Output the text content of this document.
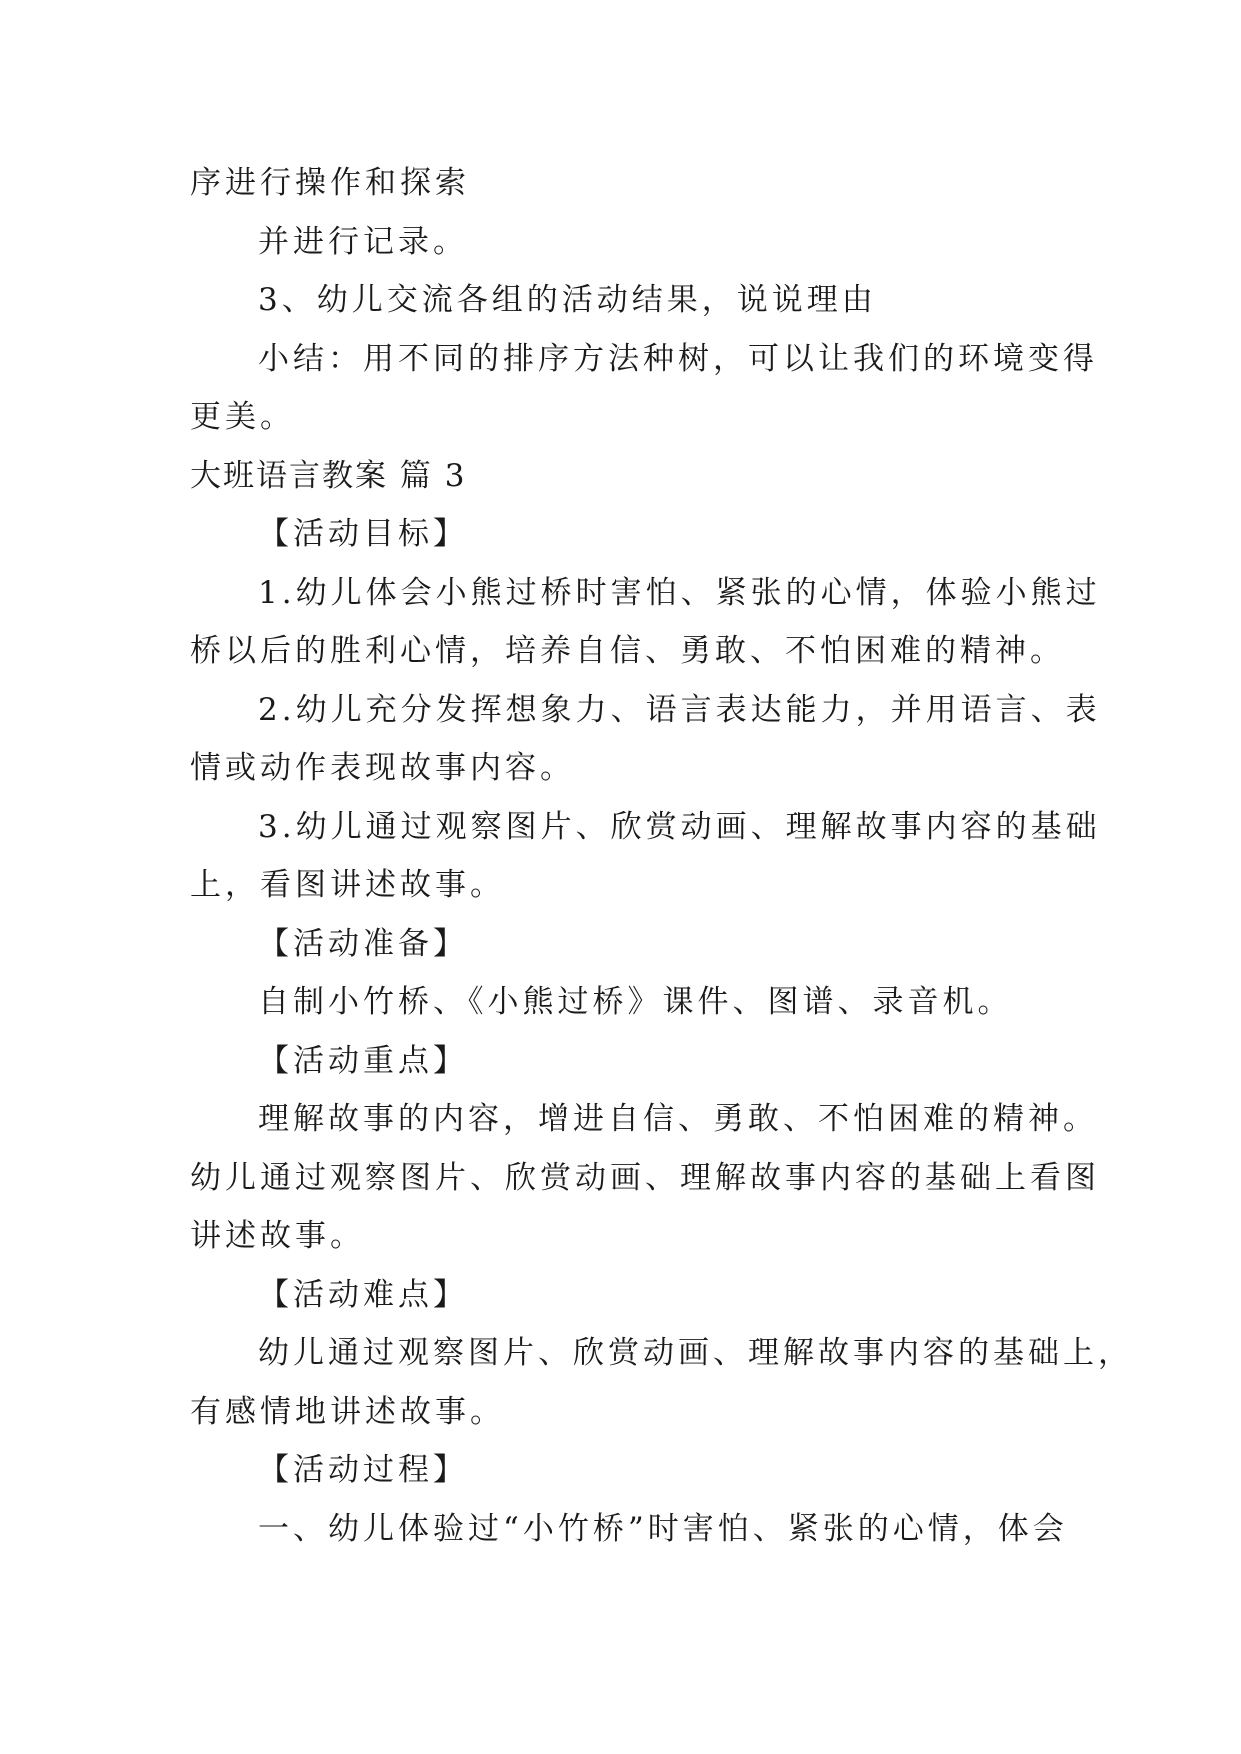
序进行操作和探索

并进行记录。

3、幼儿交流各组的活动结果，说说理由

小结：用不同的排序方法种树，可以让我们的环境变得

更美。

大班语言教案 篇 3

【活动目标】

1.幼儿体会小熊过桥时害怕、紧张的心情，体验小熊过

桥以后的胜利心情，培养自信、勇敢、不怕困难的精神。

2.幼儿充分发挥想象力、语言表达能力，并用语言、表

情或动作表现故事内容。

3.幼儿通过观察图片、欣赏动画、理解故事内容的基础

上，看图讲述故事。

【活动准备】

自制小竹桥、《小熊过桥》课件、图谱、录音机。

【活动重点】

理解故事的内容，增进自信、勇敢、不怕困难的精神。

幼儿通过观察图片、欣赏动画、理解故事内容的基础上看图

讲述故事。

【活动难点】

幼儿通过观察图片、欣赏动画、理解故事内容的基础上，

有感情地讲述故事。

【活动过程】

一、幼儿体验过“小竹桥”时害怕、紧张的心情，体会
